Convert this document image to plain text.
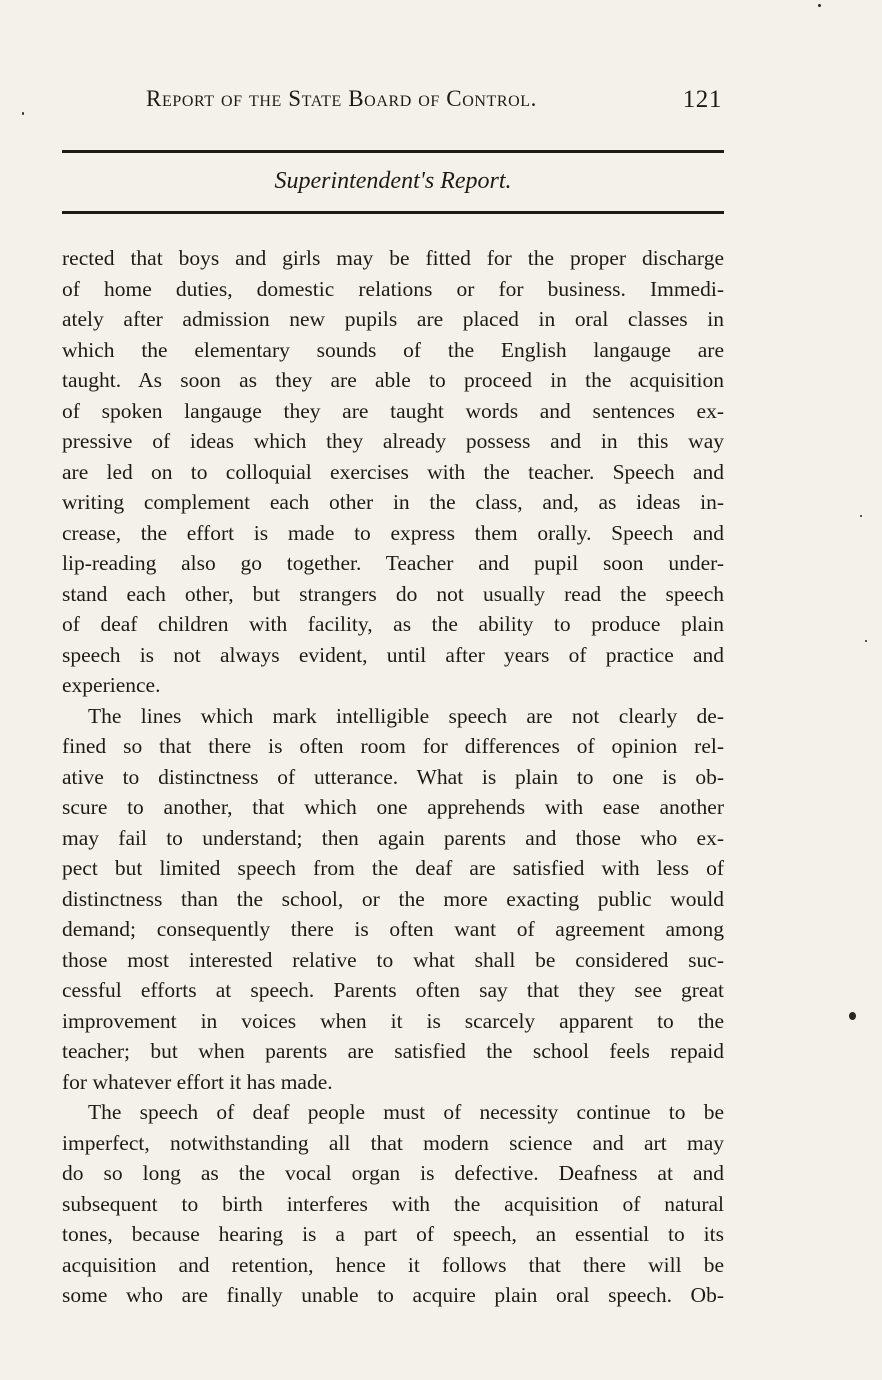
Report of the State Board of Control.	121
Superintendent's Report.
rected that boys and girls may be fitted for the proper discharge
of home duties, domestic relations or for business. Immedi-
ately after admission new pupils are placed in oral classes in
which the elementary sounds of the English langauge are
taught. As soon as they are able to proceed in the acquisition
of spoken langauge they are taught words and sentences ex-
pressive of ideas which they already possess and in this way
are led on to colloquial exercises with the teacher. Speech and
writing complement each other in the class, and, as ideas in-
crease, the effort is made to express them orally. Speech and
lip-reading also go together. Teacher and pupil soon under-
stand each other, but strangers do not usually read the speech
of deaf children with facility, as the ability to produce plain
speech is not always evident, until after years of practice and
experience.
The lines which mark intelligible speech are not clearly de-
fined so that there is often room for differences of opinion rel-
ative to distinctness of utterance. What is plain to one is ob-
scure to another, that which one apprehends with ease another
may fail to understand; then again parents and those who ex-
pect but limited speech from the deaf are satisfied with less of
distinctness than the school, or the more exacting public would
demand; consequently there is often want of agreement among
those most interested relative to what shall be considered suc-
cessful efforts at speech. Parents often say that they see great
improvement in voices when it is scarcely apparent to the
teacher; but when parents are satisfied the school feels repaid
for whatever effort it has made.
The speech of deaf people must of necessity continue to be
imperfect, notwithstanding all that modern science and art may
do so long as the vocal organ is defective. Deafness at and
subsequent to birth interferes with the acquisition of natural
tones, because hearing is a part of speech, an essential to its
acquisition and retention, hence it follows that there will be
some who are finally unable to acquire plain oral speech. Ob-
